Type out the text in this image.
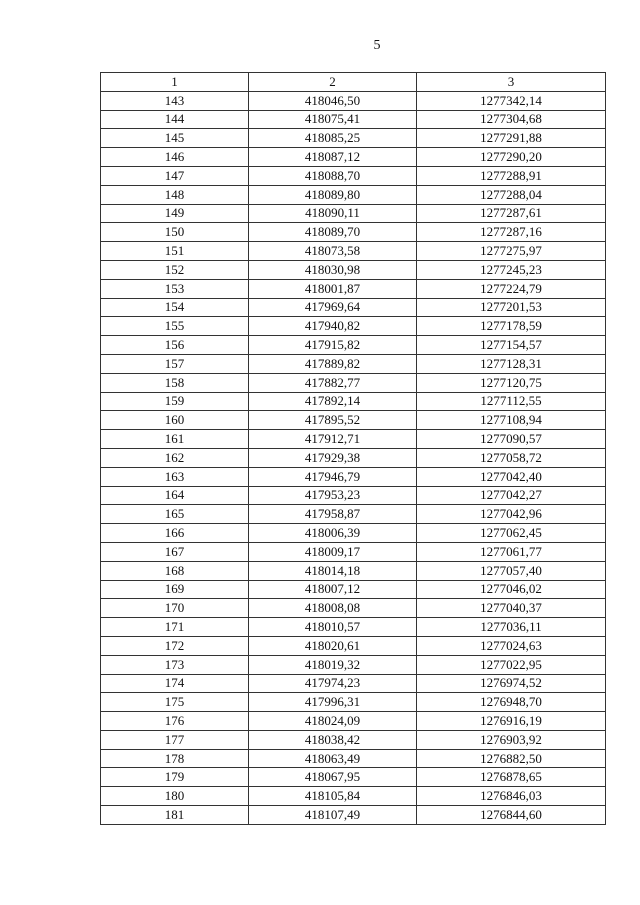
5
1	2	3
143	418046,50	1277342,14
144	418075,41	1277304,68
145	418085,25	1277291,88
146	418087,12	1277290,20
147	418088,70	1277288,91
148	418089,80	1277288,04
149	418090,11	1277287,61
150	418089,70	1277287,16
151	418073,58	1277275,97
152	418030,98	1277245,23
153	418001,87	1277224,79
154	417969,64	1277201,53
155	417940,82	1277178,59
156	417915,82	1277154,57
157	417889,82	1277128,31
158	417882,77	1277120,75
159	417892,14	1277112,55
160	417895,52	1277108,94
161	417912,71	1277090,57
162	417929,38	1277058,72
163	417946,79	1277042,40
164	417953,23	1277042,27
165	417958,87	1277042,96
166	418006,39	1277062,45
167	418009,17	1277061,77
168	418014,18	1277057,40
169	418007,12	1277046,02
170	418008,08	1277040,37
171	418010,57	1277036,11
172	418020,61	1277024,63
173	418019,32	1277022,95
174	417974,23	1276974,52
175	417996,31	1276948,70
176	418024,09	1276916,19
177	418038,42	1276903,92
178	418063,49	1276882,50
179	418067,95	1276878,65
180	418105,84	1276846,03
181	418107,49	1276844,60
